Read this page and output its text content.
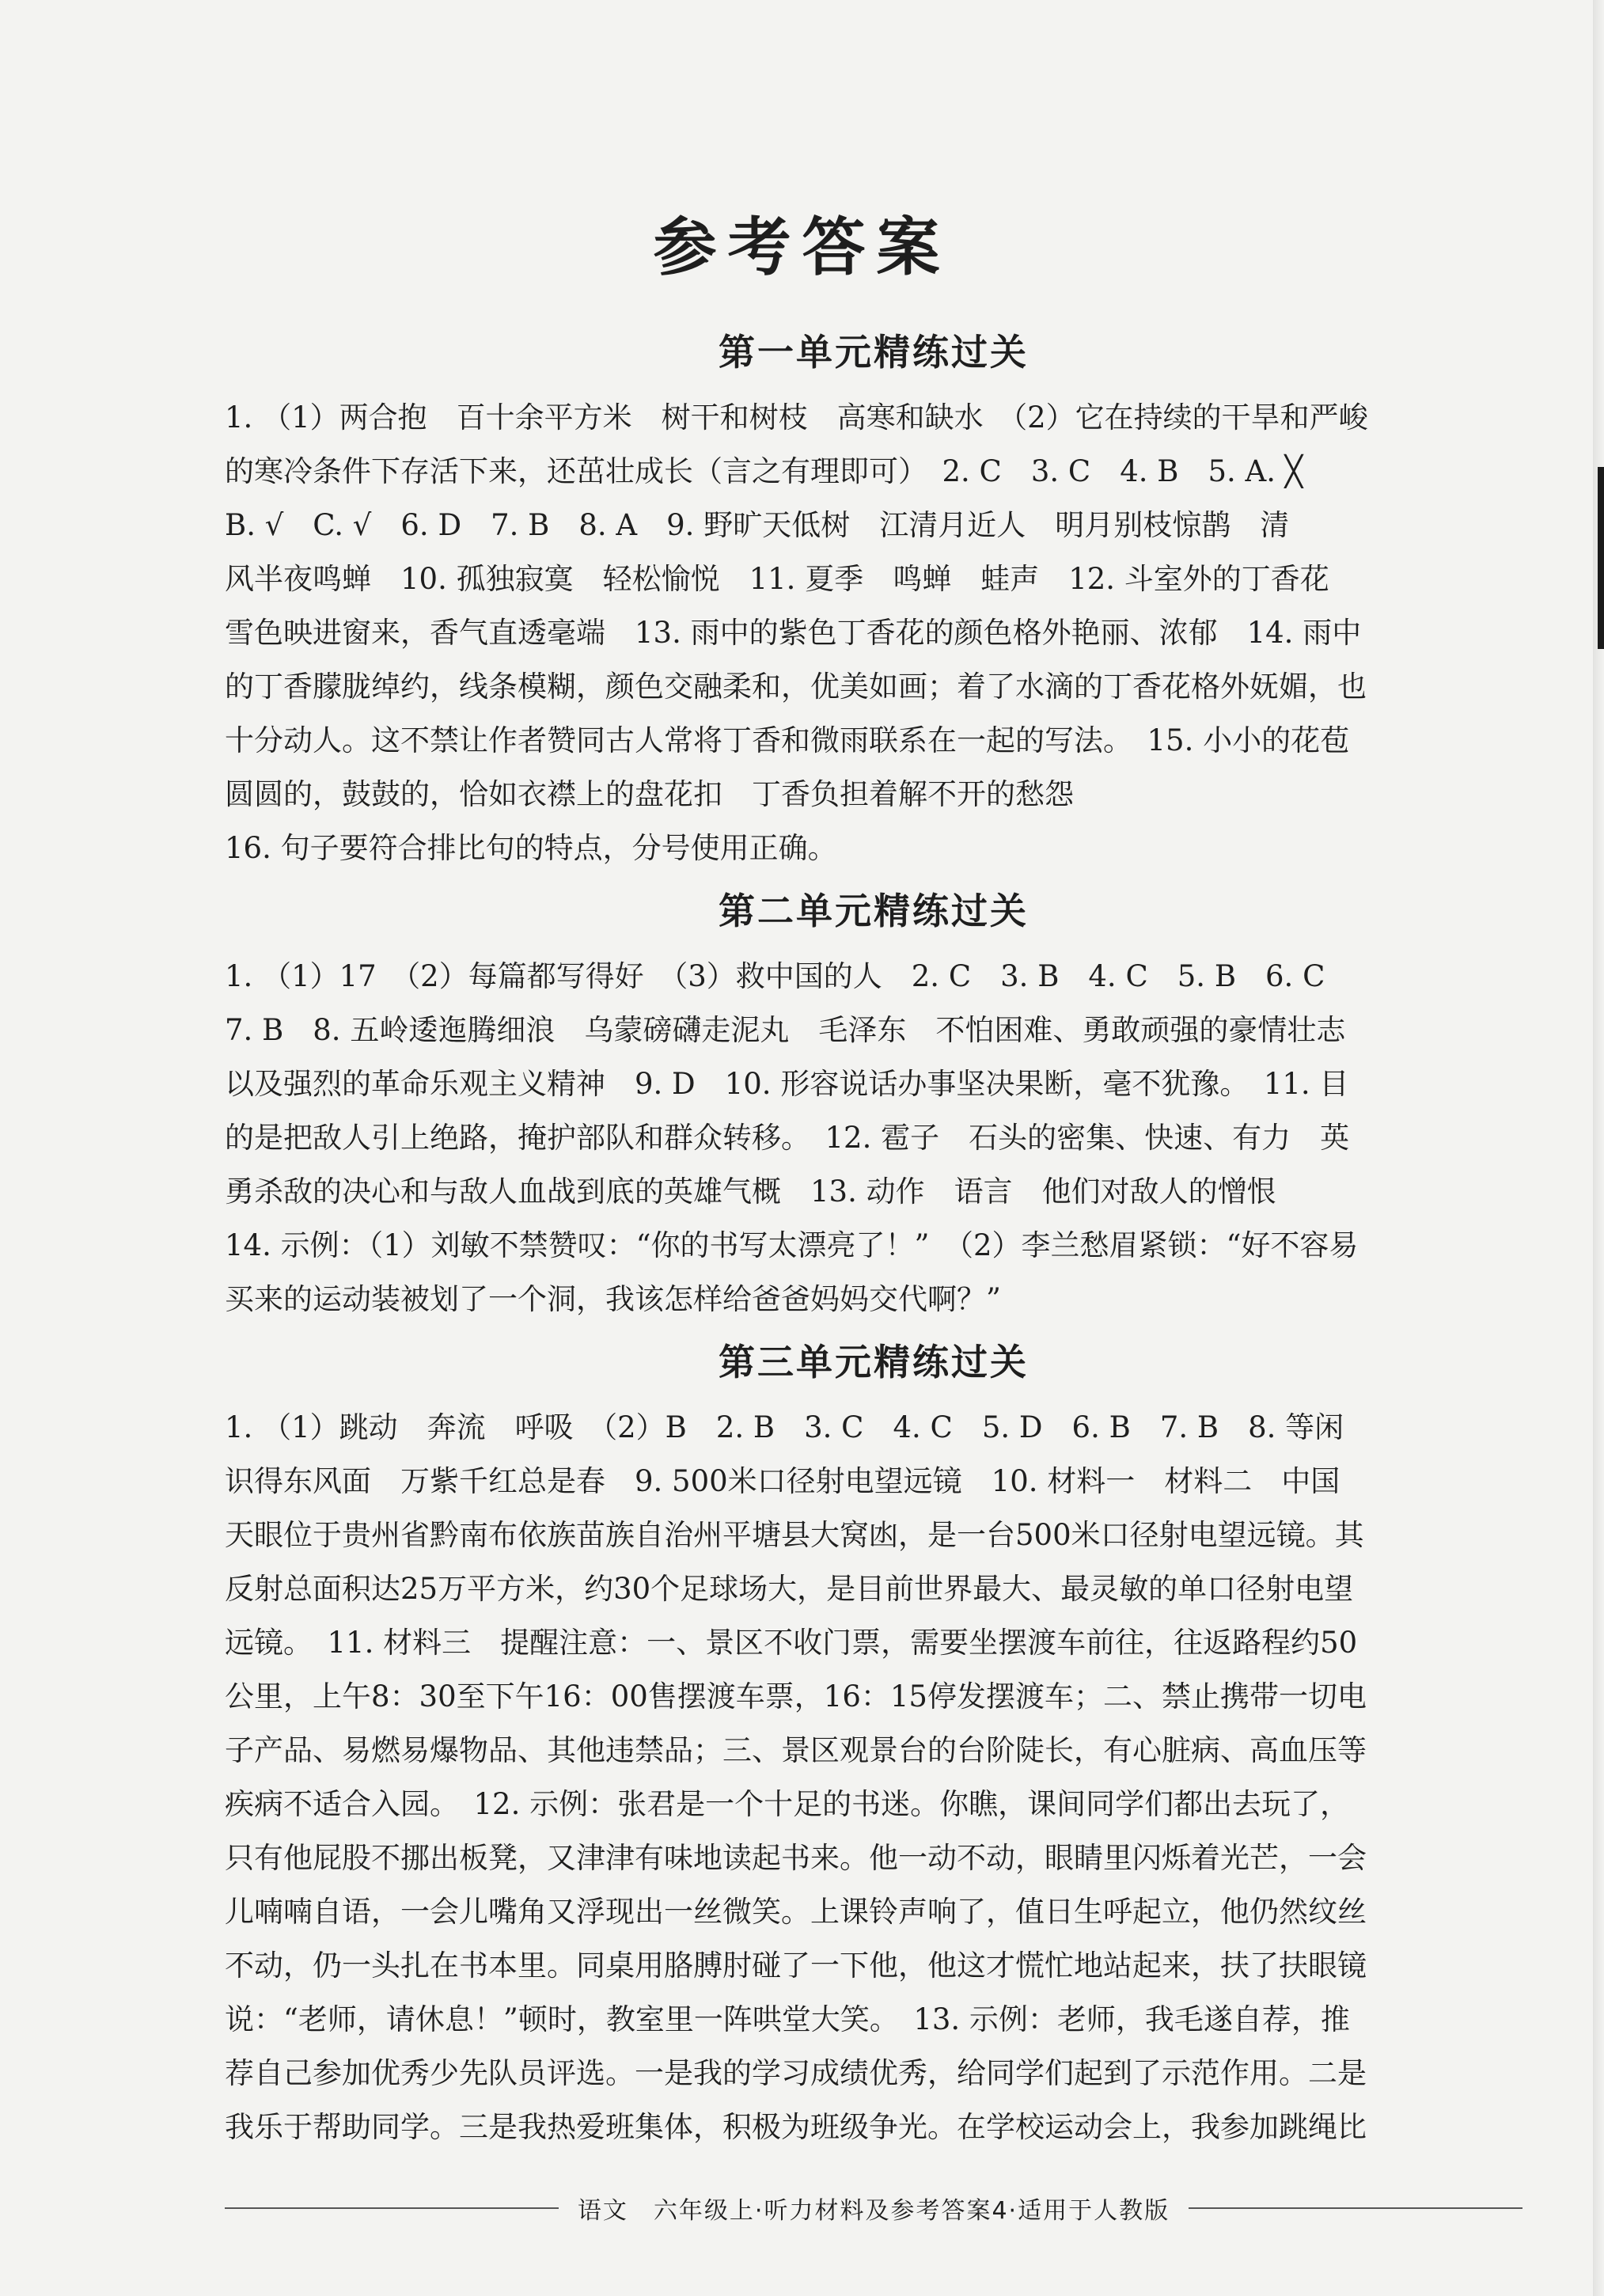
参考答案
第一单元精练过关
1. （1）两合抱　百十余平方米　树干和树枝　高寒和缺水　（2）它在持续的干旱和严峻
的寒冷条件下存活下来，还茁壮成长（言之有理即可）　2. C　3. C　4. B　5. A. ╳
B. √　C. √　6. D　7. B　8. A　9. 野旷天低树　江清月近人　明月别枝惊鹊　清
风半夜鸣蝉　10. 孤独寂寞　轻松愉悦　11. 夏季　鸣蝉　蛙声　12. 斗室外的丁香花
雪色映进窗来，香气直透毫端　13. 雨中的紫色丁香花的颜色格外艳丽、浓郁　14. 雨中
的丁香朦胧绰约，线条模糊，颜色交融柔和，优美如画；着了水滴的丁香花格外妩媚，也
十分动人。这不禁让作者赞同古人常将丁香和微雨联系在一起的写法。　15. 小小的花苞
圆圆的，鼓鼓的，恰如衣襟上的盘花扣　丁香负担着解不开的愁怨
16. 句子要符合排比句的特点，分号使用正确。
第二单元精练过关
1. （1）17　（2）每篇都写得好　（3）救中国的人　2. C　3. B　4. C　5. B　6. C
7. B　8. 五岭逶迤腾细浪　乌蒙磅礴走泥丸　毛泽东　不怕困难、勇敢顽强的豪情壮志
以及强烈的革命乐观主义精神　9. D　10. 形容说话办事坚决果断，毫不犹豫。　11. 目
的是把敌人引上绝路，掩护部队和群众转移。　12. 雹子　石头的密集、快速、有力　英
勇杀敌的决心和与敌人血战到底的英雄气概　13. 动作　语言　他们对敌人的憎恨
14. 示例：（1）刘敏不禁赞叹：“你的书写太漂亮了！”　（2）李兰愁眉紧锁：“好不容易
买来的运动装被划了一个洞，我该怎样给爸爸妈妈交代啊？”
第三单元精练过关
1. （1）跳动　奔流　呼吸　（2）B　2. B　3. C　4. C　5. D　6. B　7. B　8. 等闲
识得东风面　万紫千红总是春　9. 500米口径射电望远镜　10. 材料一　材料二　中国
天眼位于贵州省黔南布依族苗族自治州平塘县大窝凼，是一台500米口径射电望远镜。其
反射总面积达25万平方米，约30个足球场大，是目前世界最大、最灵敏的单口径射电望
远镜。　11. 材料三　提醒注意：一、景区不收门票，需要坐摆渡车前往，往返路程约50
公里，上午8：30至下午16：00售摆渡车票，16：15停发摆渡车；二、禁止携带一切电
子产品、易燃易爆物品、其他违禁品；三、景区观景台的台阶陡长，有心脏病、高血压等
疾病不适合入园。　12. 示例：张君是一个十足的书迷。你瞧，课间同学们都出去玩了，
只有他屁股不挪出板凳，又津津有味地读起书来。他一动不动，眼睛里闪烁着光芒，一会
儿喃喃自语，一会儿嘴角又浮现出一丝微笑。上课铃声响了，值日生呼起立，他仍然纹丝
不动，仍一头扎在书本里。同桌用胳膊肘碰了一下他，他这才慌忙地站起来，扶了扶眼镜
说：“老师，请休息！”顿时，教室里一阵哄堂大笑。　13. 示例：老师，我毛遂自荐，推
荐自己参加优秀少先队员评选。一是我的学习成绩优秀，给同学们起到了示范作用。二是
我乐于帮助同学。三是我热爱班集体，积极为班级争光。在学校运动会上，我参加跳绳比
语文　六年级上·听力材料及参考答案4·适用于人教版
